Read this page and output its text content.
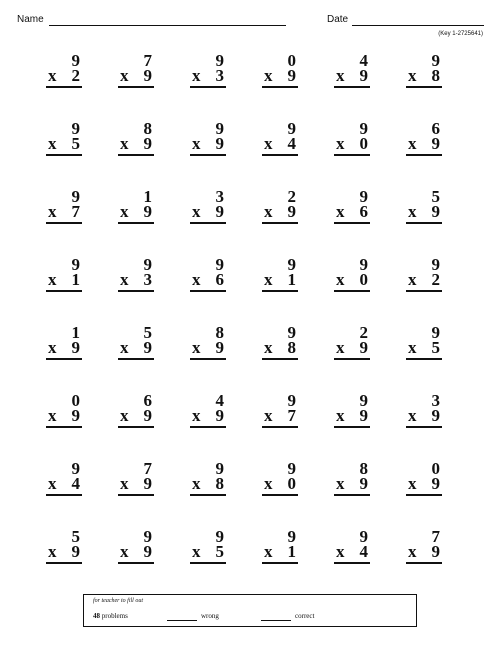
Name	Date
(Key 1-2725641)
9
x 2
7
x 9
9
x 3
0
x 9
4
x 9
9
x 8
9
x 5
8
x 9
9
x 9
9
x 4
9
x 0
6
x 9
9
x 7
1
x 9
3
x 9
2
x 9
9
x 6
5
x 9
9
x 1
9
x 3
9
x 6
9
x 1
9
x 0
9
x 2
1
x 9
5
x 9
8
x 9
9
x 8
2
x 9
9
x 5
0
x 9
6
x 9
4
x 9
9
x 7
9
x 9
3
x 9
9
x 4
7
x 9
9
x 8
9
x 0
8
x 9
0
x 9
5
x 9
9
x 9
9
x 5
9
x 1
9
x 4
7
x 9
for teacher to fill out
48 problems	wrong	correct
